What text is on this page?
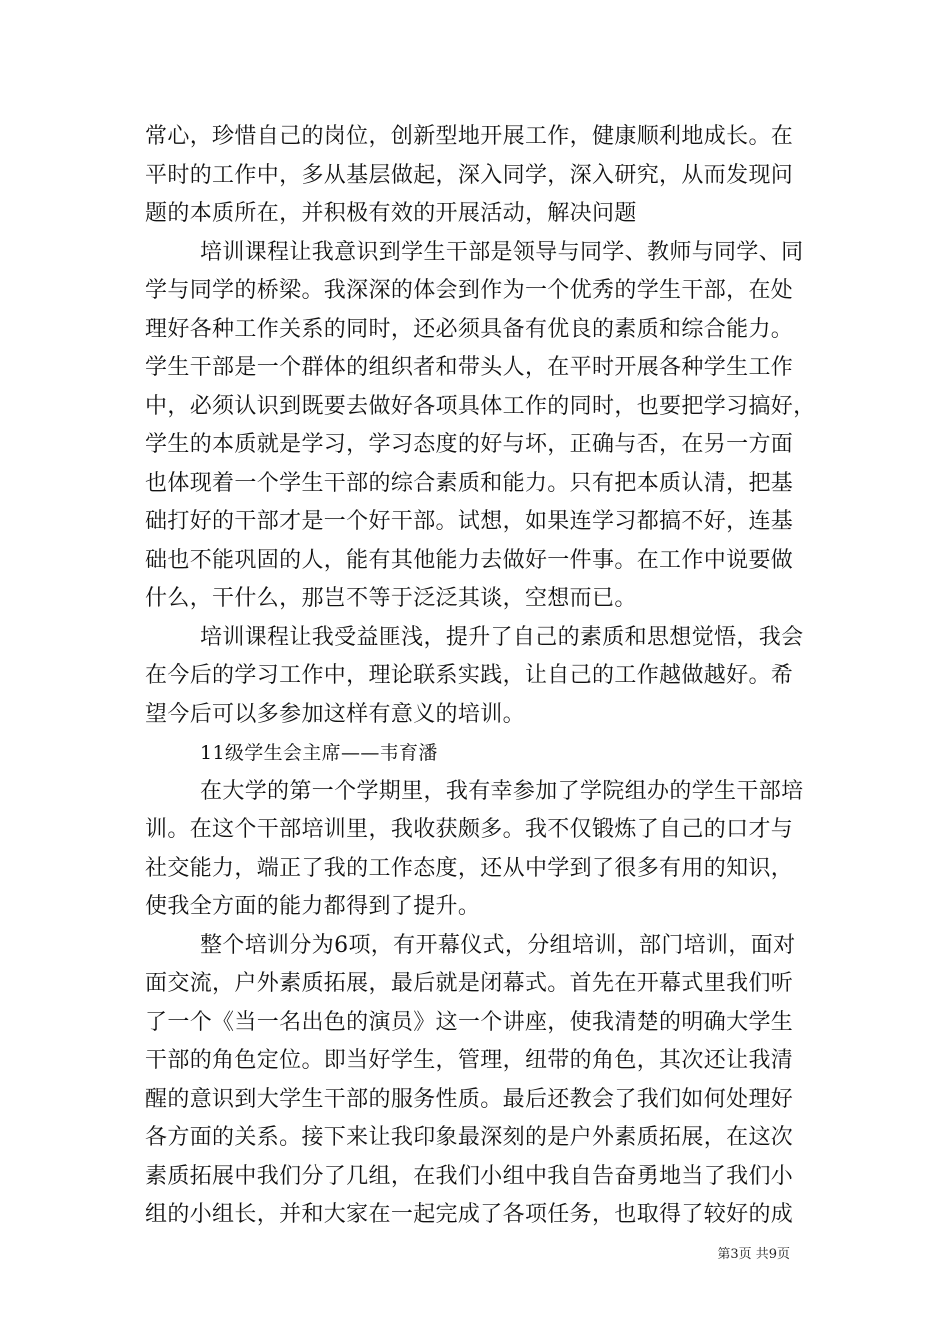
常心，珍惜自己的岗位，创新型地开展工作，健康顺利地成长。在
平时的工作中，多从基层做起，深入同学，深入研究，从而发现问
题的本质所在，并积极有效的开展活动，解决问题
培训课程让我意识到学生干部是领导与同学、教师与同学、同
学与同学的桥梁。我深深的体会到作为一个优秀的学生干部，在处
理好各种工作关系的同时，还必须具备有优良的素质和综合能力。
学生干部是一个群体的组织者和带头人，在平时开展各种学生工作
中，必须认识到既要去做好各项具体工作的同时，也要把学习搞好，
学生的本质就是学习，学习态度的好与坏，正确与否，在另一方面
也体现着一个学生干部的综合素质和能力。只有把本质认清，把基
础打好的干部才是一个好干部。试想，如果连学习都搞不好，连基
础也不能巩固的人，能有其他能力去做好一件事。在工作中说要做
什么，干什么，那岂不等于泛泛其谈，空想而已。
培训课程让我受益匪浅，提升了自己的素质和思想觉悟，我会
在今后的学习工作中，理论联系实践，让自己的工作越做越好。希
望今后可以多参加这样有意义的培训。
11级学生会主席——韦育潘
在大学的第一个学期里，我有幸参加了学院组办的学生干部培
训。在这个干部培训里，我收获颇多。我不仅锻炼了自己的口才与
社交能力，端正了我的工作态度，还从中学到了很多有用的知识，
使我全方面的能力都得到了提升。
整个培训分为6项，有开幕仪式，分组培训，部门培训，面对
面交流，户外素质拓展，最后就是闭幕式。首先在开幕式里我们听
了一个《当一名出色的演员》这一个讲座，使我清楚的明确大学生
干部的角色定位。即当好学生，管理，纽带的角色，其次还让我清
醒的意识到大学生干部的服务性质。最后还教会了我们如何处理好
各方面的关系。接下来让我印象最深刻的是户外素质拓展，在这次
素质拓展中我们分了几组，在我们小组中我自告奋勇地当了我们小
组的小组长，并和大家在一起完成了各项任务，也取得了较好的成
第3页 共9页
